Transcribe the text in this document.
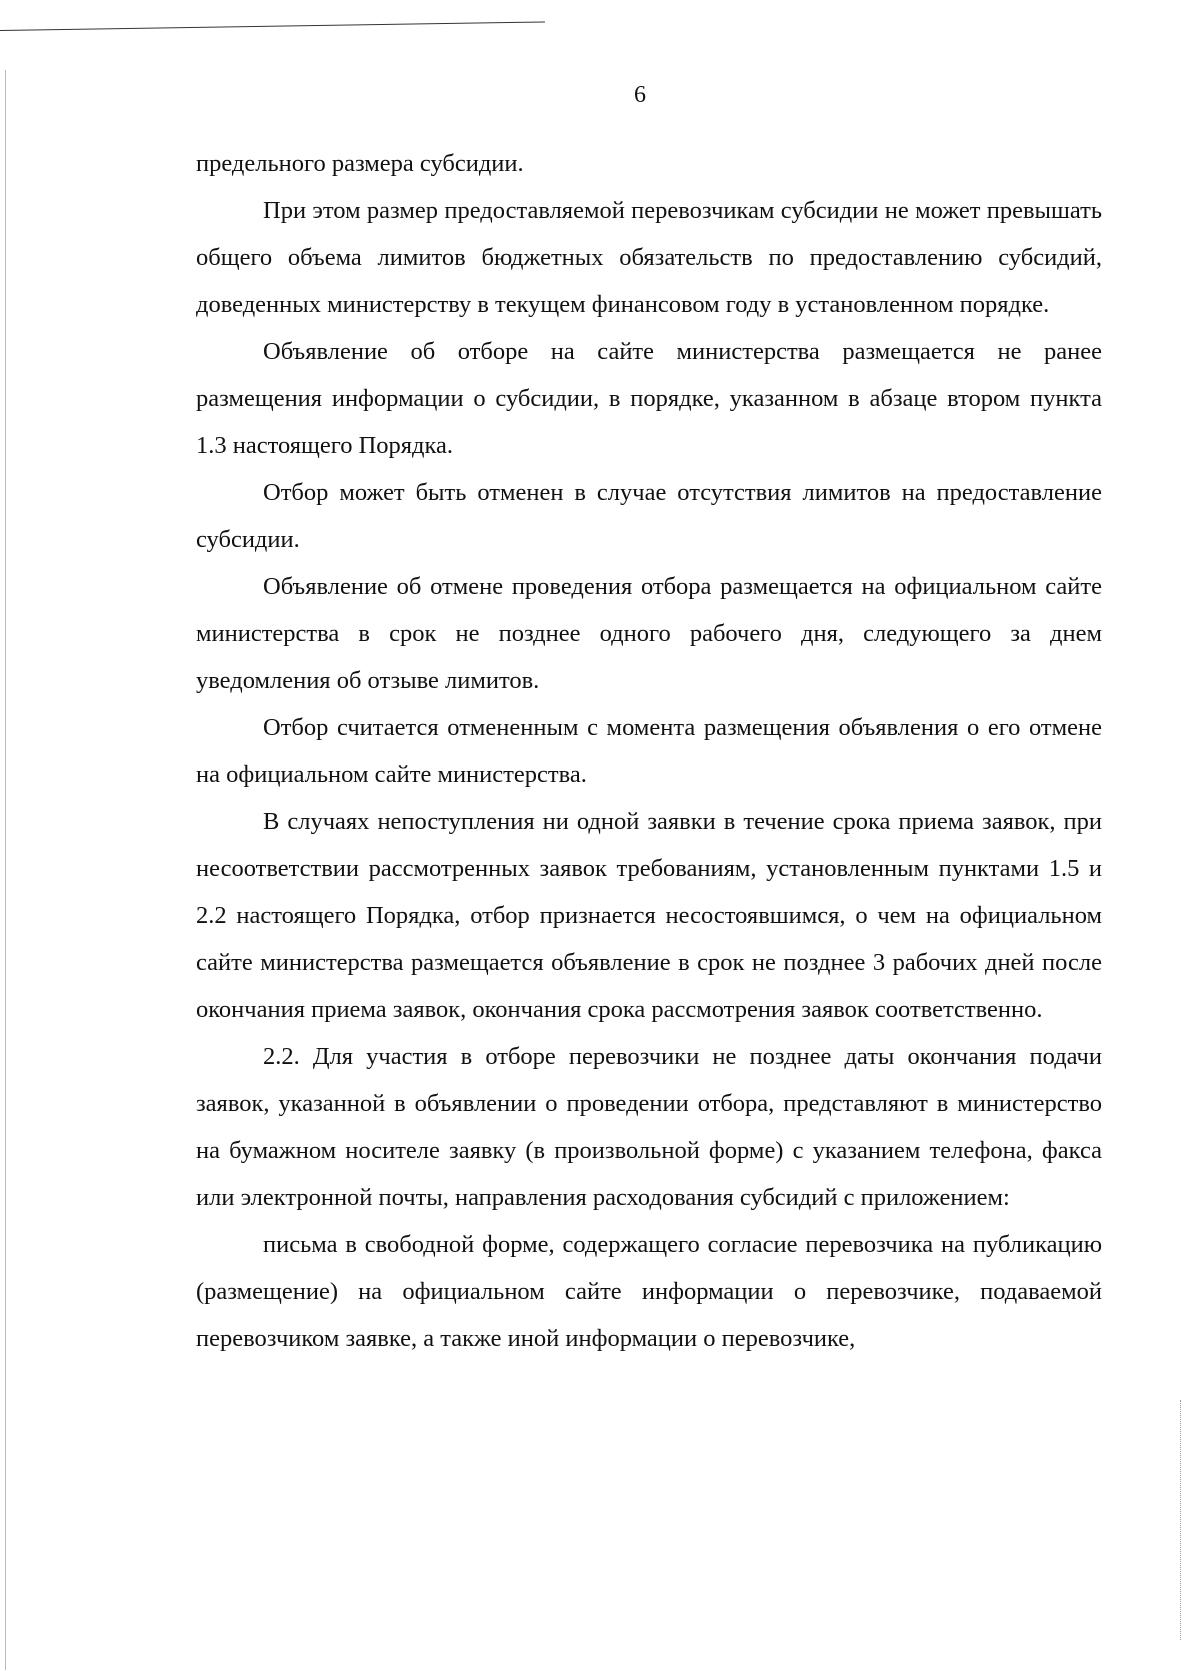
6

предельного размера субсидии.

При этом размер предоставляемой перевозчикам субсидии не может превышать общего объема лимитов бюджетных обязательств по предоставлению субсидий, доведенных министерству в текущем финансовом году в установленном порядке.

Объявление об отборе на сайте министерства размещается не ранее размещения информации о субсидии, в порядке, указанном в абзаце втором пункта 1.3 настоящего Порядка.

Отбор может быть отменен в случае отсутствия лимитов на предоставление субсидии.

Объявление об отмене проведения отбора размещается на официальном сайте министерства в срок не позднее одного рабочего дня, следующего за днем уведомления об отзыве лимитов.

Отбор считается отмененным с момента размещения объявления о его отмене на официальном сайте министерства.

В случаях непоступления ни одной заявки в течение срока приема заявок, при несоответствии рассмотренных заявок требованиям, установленным пунктами 1.5 и 2.2 настоящего Порядка, отбор признается несостоявшимся, о чем на официальном сайте министерства размещается объявление в срок не позднее 3 рабочих дней после окончания приема заявок, окончания срока рассмотрения заявок соответственно.

2.2. Для участия в отборе перевозчики не позднее даты окончания подачи заявок, указанной в объявлении о проведении отбора, представляют в министерство на бумажном носителе заявку (в произвольной форме) с указанием телефона, факса или электронной почты, направления расходования субсидий с приложением:

письма в свободной форме, содержащего согласие перевозчика на публикацию (размещение) на официальном сайте информации о перевозчике, подаваемой перевозчиком заявке, а также иной информации о перевозчике,
